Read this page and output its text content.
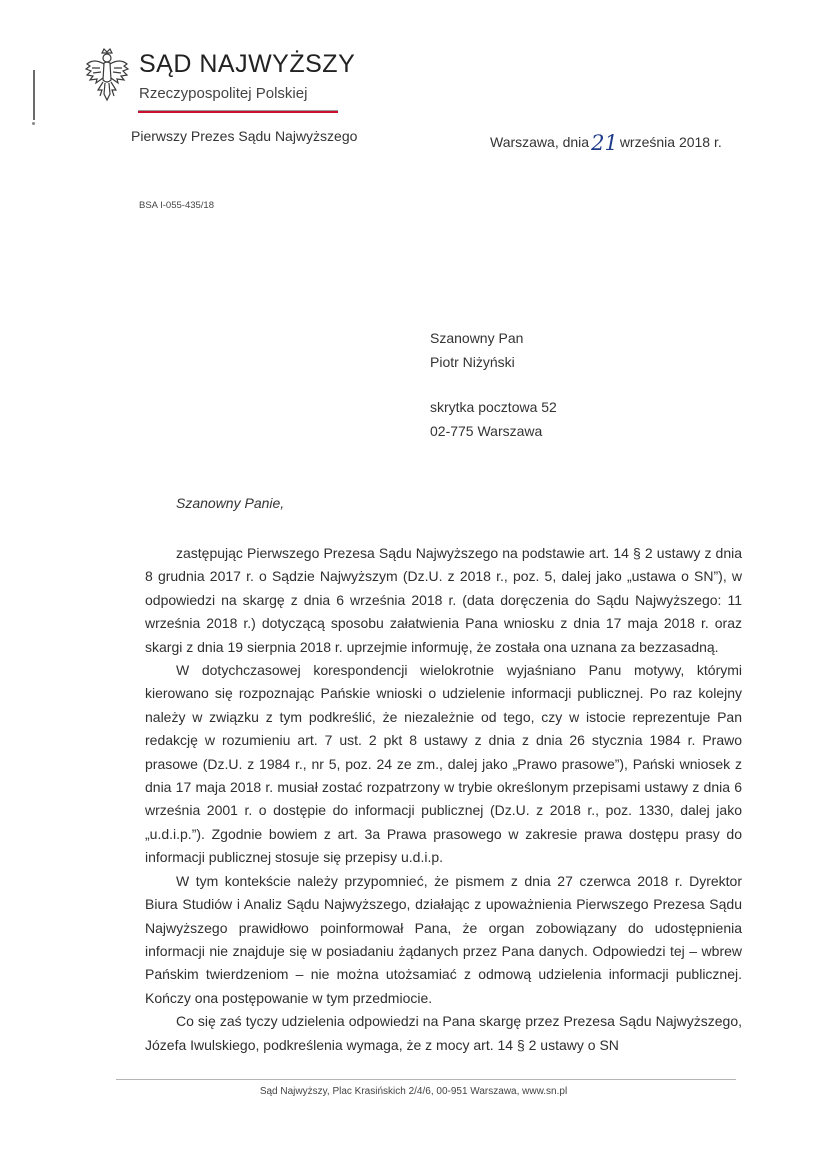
SĄD NAJWYŻSZY
Rzeczypospolitej Polskiej
Pierwszy Prezes Sądu Najwyższego	Warszawa, dnia21 września 2018 r.
BSA I-055-435/18
Szanowny Pan
Piotr Niżyński
skrytka pocztowa 52
02-775 Warszawa
Szanowny Panie,

zastępując Pierwszego Prezesa Sądu Najwyższego na podstawie art. 14 § 2 ustawy z dnia 8 grudnia 2017 r. o Sądzie Najwyższym (Dz.U. z 2018 r., poz. 5, dalej jako „ustawa o SN”), w odpowiedzi na skargę z dnia 6 września 2018 r. (data doręczenia do Sądu Najwyższego: 11 września 2018 r.) dotyczącą sposobu załatwienia Pana wniosku z dnia 17 maja 2018 r. oraz skargi z dnia 19 sierpnia 2018 r. uprzejmie informuję, że została ona uznana za bezzasadną.

W dotychczasowej korespondencji wielokrotnie wyjaśniano Panu motywy, którymi kierowano się rozpoznając Pańskie wnioski o udzielenie informacji publicznej. Po raz kolejny należy w związku z tym podkreślić, że niezależnie od tego, czy w istocie reprezentuje Pan redakcję w rozumieniu art. 7 ust. 2 pkt 8 ustawy z dnia z dnia 26 stycznia 1984 r. Prawo prasowe (Dz.U. z 1984 r., nr 5, poz. 24 ze zm., dalej jako „Prawo prasowe”), Pański wniosek z dnia 17 maja 2018 r. musiał zostać rozpatrzony w trybie określonym przepisami ustawy z dnia 6 września 2001 r. o dostępie do informacji publicznej (Dz.U. z 2018 r., poz. 1330, dalej jako „u.d.i.p.”). Zgodnie bowiem z art. 3a Prawa prasowego w zakresie prawa dostępu prasy do informacji publicznej stosuje się przepisy u.d.i.p.

W tym kontekście należy przypomnieć, że pismem z dnia 27 czerwca 2018 r. Dyrektor Biura Studiów i Analiz Sądu Najwyższego, działając z upoważnienia Pierwszego Prezesa Sądu Najwyższego prawidłowo poinformował Pana, że organ zobowiązany do udostępnienia informacji nie znajduje się w posiadaniu żądanych przez Pana danych. Odpowiedzi tej – wbrew Pańskim twierdzeniom – nie można utożsamiać z odmową udzielenia informacji publicznej. Kończy ona postępowanie w tym przedmiocie.

Co się zaś tyczy udzielenia odpowiedzi na Pana skargę przez Prezesa Sądu Najwyższego, Józefa Iwulskiego, podkreślenia wymaga, że z mocy art. 14 § 2 ustawy o SN

Sąd Najwyższy, Plac Krasińskich 2/4/6, 00-951 Warszawa, www.sn.pl
